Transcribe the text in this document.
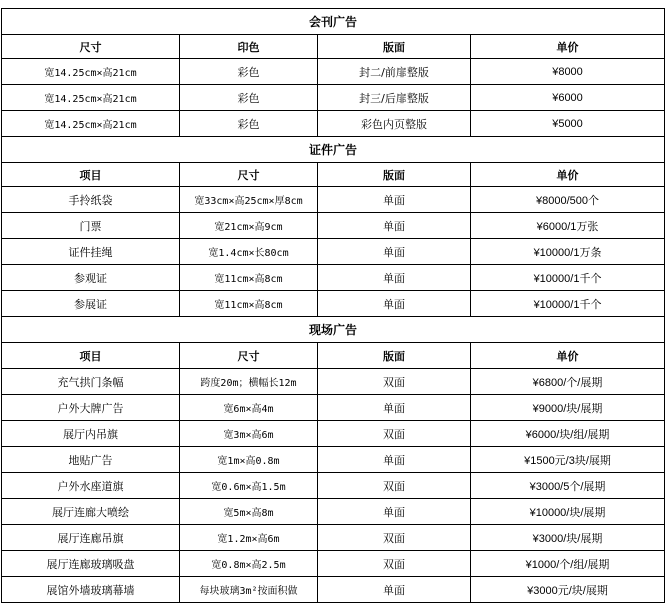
会刊广告			
尺寸	印色	版面	单价
宽14.25cm×高21cm	彩色	封二/前扉整版	¥8000
宽14.25cm×高21cm	彩色	封三/后扉整版	¥6000
宽14.25cm×高21cm	彩色	彩色内页整版	¥5000
证件广告			
项目	尺寸	版面	单价
手拎纸袋	宽33cm×高25cm×厚8cm	单面	¥8000/500个
门票	宽21cm×高9cm	单面	¥6000/1万张
证件挂绳	宽1.4cm×长80cm	单面	¥10000/1万条
参观证	宽11cm×高8cm	单面	¥10000/1千个
参展证	宽11cm×高8cm	单面	¥10000/1千个
现场广告			
项目	尺寸	版面	单价
充气拱门条幅	跨度20m；横幅长12m	双面	¥6800/个/展期
户外大牌广告	宽6m×高4m	单面	¥9000/块/展期
展厅内吊旗	宽3m×高6m	双面	¥6000/块/组/展期
地贴广告	宽1m×高0.8m	单面	¥1500元/3块/展期
户外水座道旗	宽0.6m×高1.5m	双面	¥3000/5个/展期
展厅连廊大喷绘	宽5m×高8m	单面	¥10000/块/展期
展厅连廊吊旗	宽1.2m×高6m	双面	¥3000/块/展期
展厅连廊玻璃吸盘	宽0.8m×高2.5m	双面	¥1000/个/组/展期
展馆外墙玻璃幕墙	每块玻璃3m²按面积做	单面	¥3000元/块/展期
